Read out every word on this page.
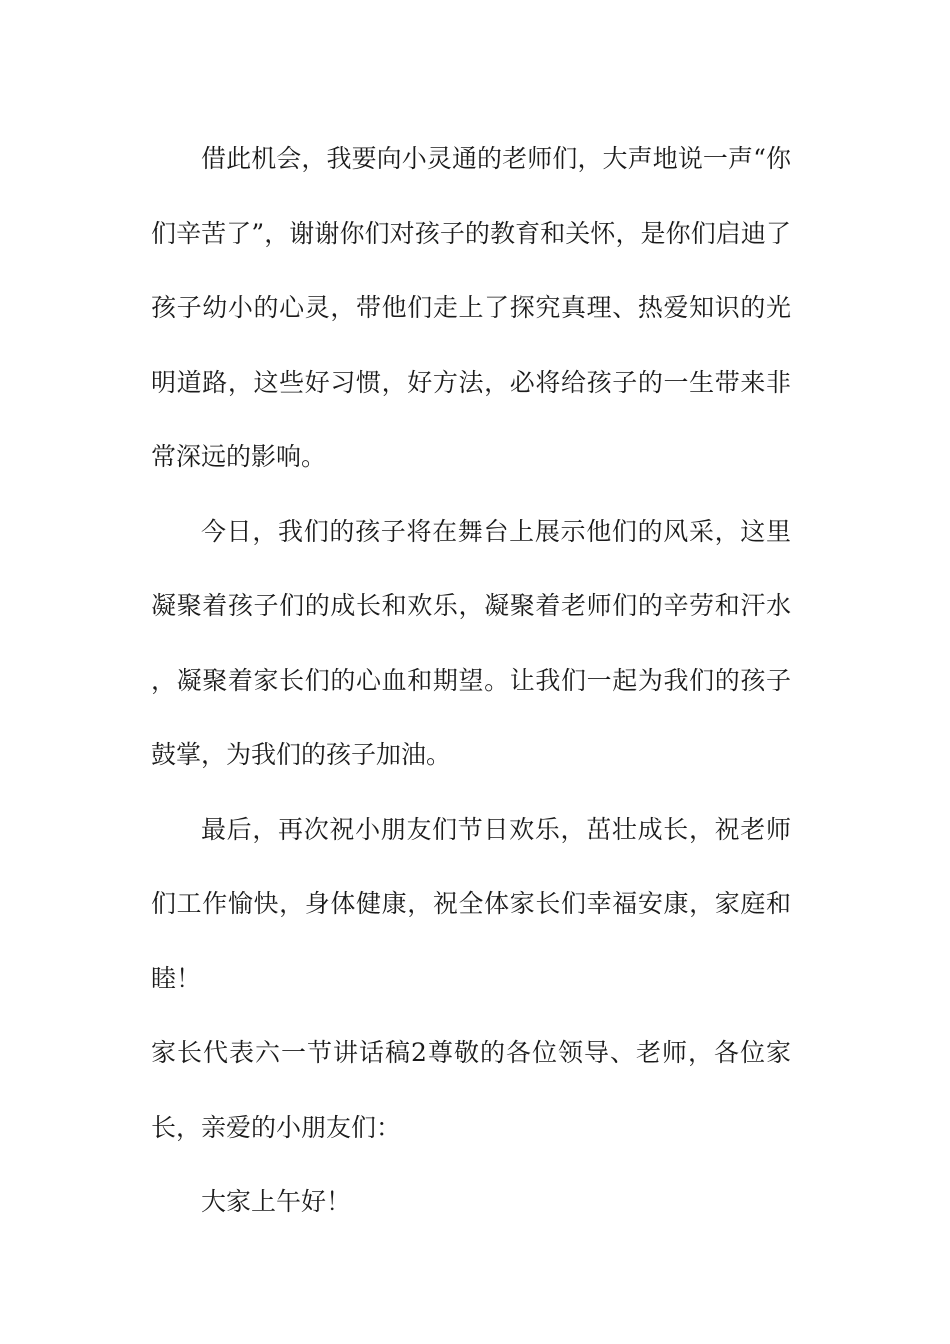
借此机会，我要向小灵通的老师们，大声地说一声“你们辛苦了”，谢谢你们对孩子的教育和关怀，是你们启迪了孩子幼小的心灵，带他们走上了探究真理、热爱知识的光明道路，这些好习惯，好方法，必将给孩子的一生带来非常深远的影响。

今日，我们的孩子将在舞台上展示他们的风采，这里凝聚着孩子们的成长和欢乐，凝聚着老师们的辛劳和汗水，凝聚着家长们的心血和期望。让我们一起为我们的孩子鼓掌，为我们的孩子加油。

最后，再次祝小朋友们节日欢乐，茁壮成长，祝老师们工作愉快，身体健康，祝全体家长们幸福安康，家庭和睦！

家长代表六一节讲话稿2尊敬的各位领导、老师，各位家长，亲爱的小朋友们：

大家上午好！
